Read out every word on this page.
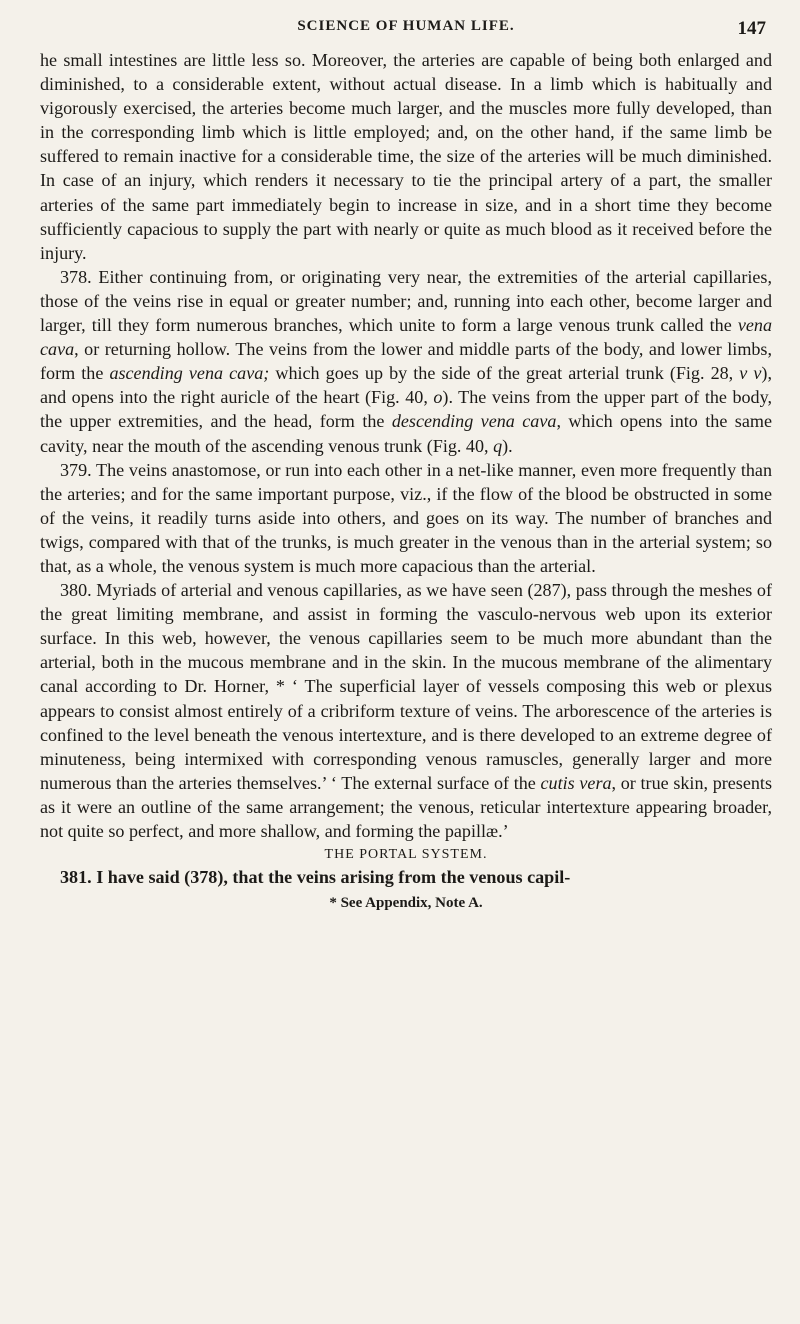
SCIENCE OF HUMAN LIFE.	147

he small intestines are little less so. Moreover, the arteries are capable of being both enlarged and diminished, to a considerable extent, without actual disease. In a limb which is habitually and vigorously exercised, the arteries become much larger, and the muscles more fully developed, than in the corresponding limb which is little employed; and, on the other hand, if the same limb be suffered to remain inactive for a considerable time, the size of the arteries will be much diminished. In case of an injury, which renders it necessary to tie the principal artery of a part, the smaller arteries of the same part immediately begin to increase in size, and in a short time they become sufficiently capacious to supply the part with nearly or quite as much blood as it received before the injury.

378. Either continuing from, or originating very near, the extremities of the arterial capillaries, those of the veins rise in equal or greater number; and, running into each other, become larger and larger, till they form numerous branches, which unite to form a large venous trunk called the vena cava, or returning hollow. The veins from the lower and middle parts of the body, and lower limbs, form the ascending vena cava; which goes up by the side of the great arterial trunk (Fig. 28, v v), and opens into the right auricle of the heart (Fig. 40, o). The veins from the upper part of the body, the upper extremities, and the head, form the descending vena cava, which opens into the same cavity, near the mouth of the ascending venous trunk (Fig. 40, q).

379. The veins anastomose, or run into each other in a net-like manner, even more frequently than the arteries; and for the same important purpose, viz., if the flow of the blood be obstructed in some of the veins, it readily turns aside into others, and goes on its way. The number of branches and twigs, compared with that of the trunks, is much greater in the venous than in the arterial system; so that, as a whole, the venous system is much more capacious than the arterial.

380. Myriads of arterial and venous capillaries, as we have seen (287), pass through the meshes of the great limiting membrane, and assist in forming the vasculo-nervous web upon its exterior surface. In this web, however, the venous capillaries seem to be much more abundant than the arterial, both in the mucous membrane and in the skin. In the mucous membrane of the alimentary canal according to Dr. Horner, * ‘ The superficial layer of vessels composing this web or plexus appears to consist almost entirely of a cribriform texture of veins. The arborescence of the arteries is confined to the level beneath the venous intertexture, and is there developed to an extreme degree of minuteness, being intermixed with corresponding venous ramuscles, generally larger and more numerous than the arteries themselves.’ ‘ The external surface of the cutis vera, or true skin, presents as it were an outline of the same arrangement; the venous, reticular intertexture appearing broader, not quite so perfect, and more shallow, and forming the papillæ.’

THE PORTAL SYSTEM.

381. I have said (378), that the veins arising from the venous capil-

* See Appendix, Note A.
